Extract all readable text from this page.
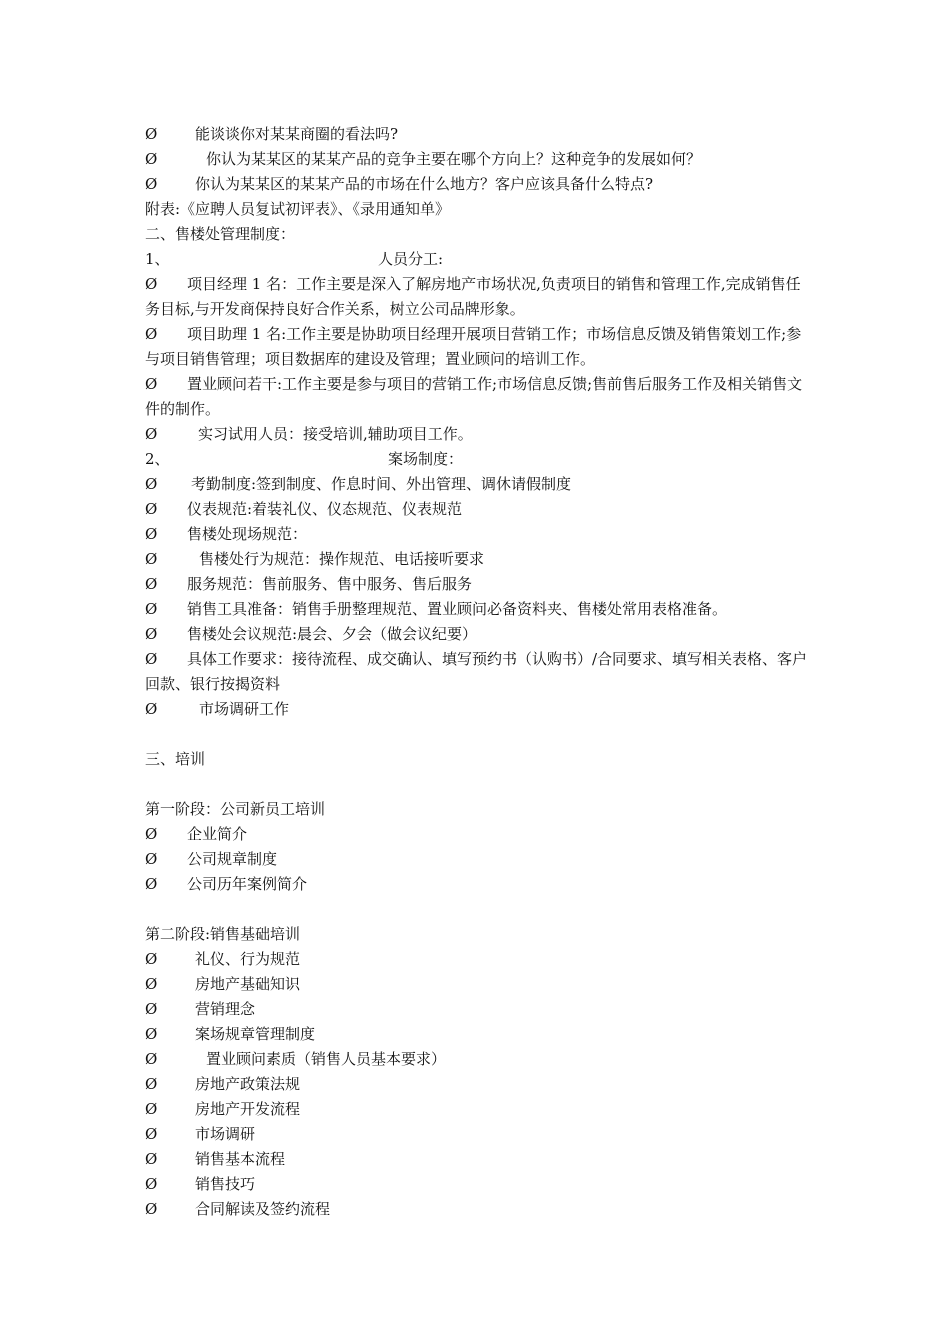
Ø	能谈谈你对某某商圈的看法吗?
Ø	你认为某某区的某某产品的竞争主要在哪个方向上？这种竞争的发展如何？
Ø	你认为某某区的某某产品的市场在什么地方？客户应该具备什么特点?
附表:《应聘人员复试初评表》、《录用通知单》
二、售楼处管理制度：
1、	人员分工:
Ø 项目经理 1 名：工作主要是深入了解房地产市场状况,负责项目的销售和管理工作,完成销售任务目标,与开发商保持良好合作关系，树立公司品牌形象。
Ø 项目助理 1 名:工作主要是协助项目经理开展项目营销工作；市场信息反馈及销售策划工作;参与项目销售管理；项目数据库的建设及管理；置业顾问的培训工作。
Ø 置业顾问若干:工作主要是参与项目的营销工作;市场信息反馈;售前售后服务工作及相关销售文件的制作。
Ø	实习试用人员：接受培训,辅助项目工作。
2、	案场制度：
Ø 考勤制度:签到制度、作息时间、外出管理、调休请假制度
Ø 仪表规范:着装礼仪、仪态规范、仪表规范
Ø 售楼处现场规范：
Ø	售楼处行为规范：操作规范、电话接听要求
Ø 服务规范：售前服务、售中服务、售后服务
Ø 销售工具准备：销售手册整理规范、置业顾问必备资料夹、售楼处常用表格准备。
Ø 售楼处会议规范:晨会、夕会（做会议纪要）
Ø 具体工作要求：接待流程、成交确认、填写预约书（认购书）/合同要求、填写相关表格、客户回款、银行按揭资料
Ø	市场调研工作
三、培训
第一阶段：公司新员工培训
Ø 企业简介
Ø 公司规章制度
Ø 公司历年案例简介
第二阶段:销售基础培训
Ø	礼仪、行为规范
Ø	房地产基础知识
Ø	营销理念
Ø	案场规章管理制度
Ø	置业顾问素质（销售人员基本要求）
Ø	房地产政策法规
Ø	房地产开发流程
Ø	市场调研
Ø	销售基本流程
Ø	销售技巧
Ø	合同解读及签约流程
